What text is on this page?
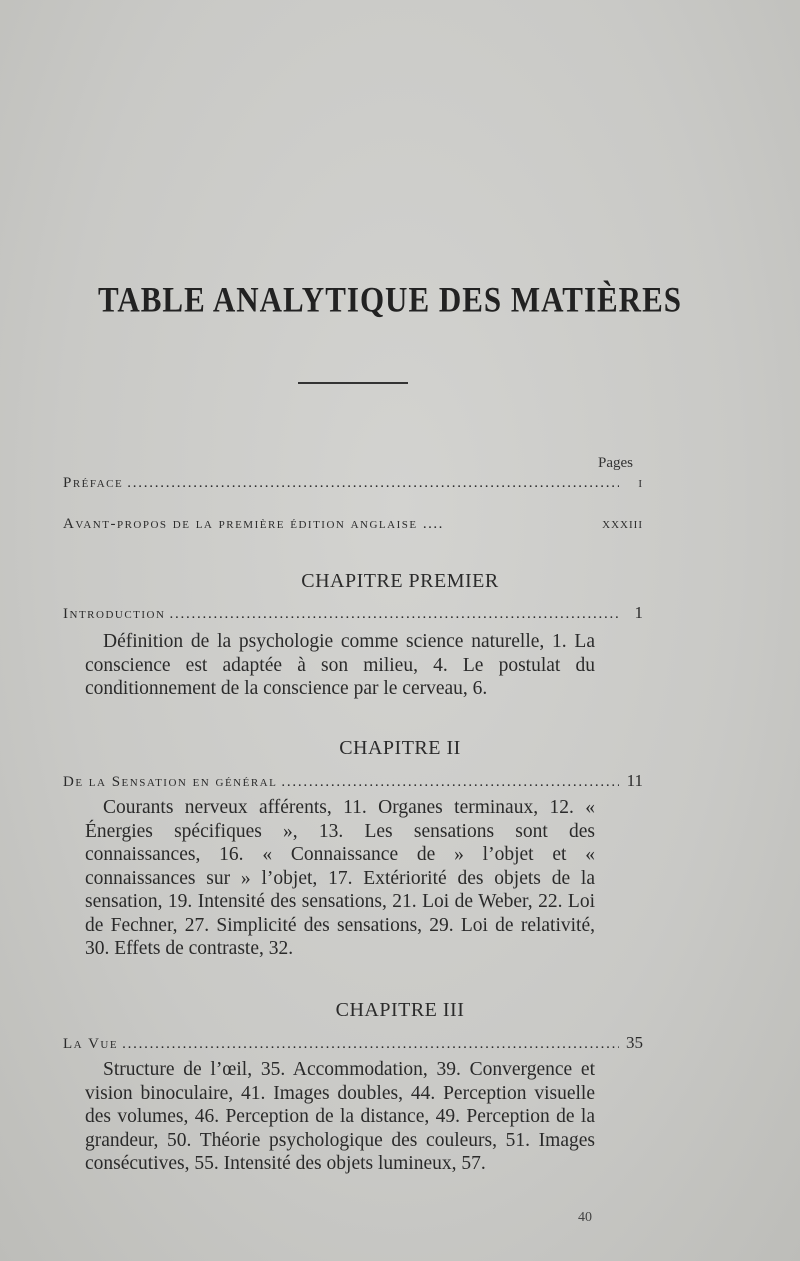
TABLE ANALYTIQUE DES MATIÈRES
Pages
Préface . . .	i
Avant-propos de la première édition anglaise ....	xxxiii
CHAPITRE PREMIER
Introduction . . .	1
Définition de la psychologie comme science naturelle, 1. La conscience est adaptée à son milieu, 4. Le postulat du conditionnement de la conscience par le cerveau, 6.
CHAPITRE II
De la Sensation en général . . .	11
Courants nerveux afférents, 11. Organes terminaux, 12. « Énergies spécifiques », 13. Les sensations sont des connaissances, 16. « Connaissance de » l’objet et « connaissances sur » l’objet, 17. Extériorité des objets de la sensation, 19. Intensité des sensations, 21. Loi de Weber, 22. Loi de Fechner, 27. Simplicité des sensations, 29. Loi de relativité, 30. Effets de contraste, 32.
CHAPITRE III
La Vue . . .	35
Structure de l’œil, 35. Accommodation, 39. Convergence et vision binoculaire, 41. Images doubles, 44. Perception visuelle des volumes, 46. Perception de la distance, 49. Perception de la grandeur, 50. Théorie psychologique des couleurs, 51. Images consécutives, 55. Intensité des objets lumineux, 57.
40
